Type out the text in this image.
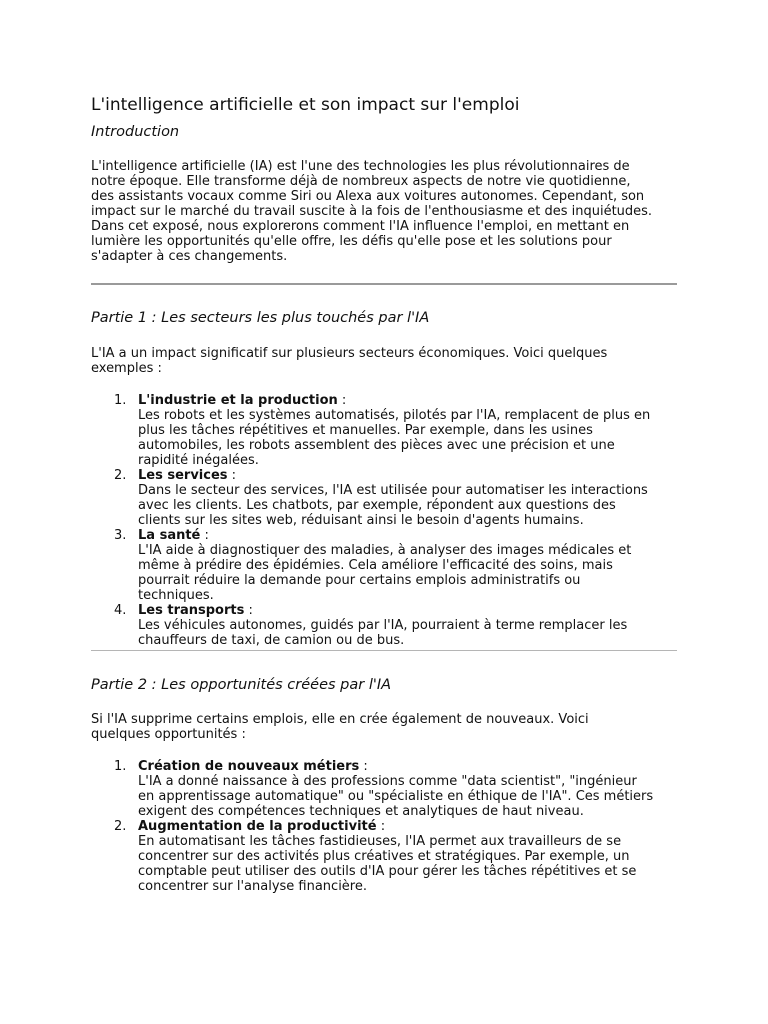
L'intelligence artificielle et son impact sur l'emploi
Introduction

L'intelligence artificielle (IA) est l'une des technologies les plus révolutionnaires de
notre époque. Elle transforme déjà de nombreux aspects de notre vie quotidienne,
des assistants vocaux comme Siri ou Alexa aux voitures autonomes. Cependant, son
impact sur le marché du travail suscite à la fois de l'enthousiasme et des inquiétudes.
Dans cet exposé, nous explorerons comment l'IA influence l'emploi, en mettant en
lumière les opportunités qu'elle offre, les défis qu'elle pose et les solutions pour
s'adapter à ces changements.

Partie 1 : Les secteurs les plus touchés par l'IA

L'IA a un impact significatif sur plusieurs secteurs économiques. Voici quelques
exemples :

1. L'industrie et la production :
Les robots et les systèmes automatisés, pilotés par l'IA, remplacent de plus en
plus les tâches répétitives et manuelles. Par exemple, dans les usines
automobiles, les robots assemblent des pièces avec une précision et une
rapidité inégalées.
2. Les services :
Dans le secteur des services, l'IA est utilisée pour automatiser les interactions
avec les clients. Les chatbots, par exemple, répondent aux questions des
clients sur les sites web, réduisant ainsi le besoin d'agents humains.
3. La santé :
L'IA aide à diagnostiquer des maladies, à analyser des images médicales et
même à prédire des épidémies. Cela améliore l'efficacité des soins, mais
pourrait réduire la demande pour certains emplois administratifs ou
techniques.
4. Les transports :
Les véhicules autonomes, guidés par l'IA, pourraient à terme remplacer les
chauffeurs de taxi, de camion ou de bus.
Partie 2 : Les opportunités créées par l'IA

Si l'IA supprime certains emplois, elle en crée également de nouveaux. Voici
quelques opportunités :

1. Création de nouveaux métiers :
L'IA a donné naissance à des professions comme "data scientist", "ingénieur
en apprentissage automatique" ou "spécialiste en éthique de l'IA". Ces métiers
exigent des compétences techniques et analytiques de haut niveau.
2. Augmentation de la productivité :
En automatisant les tâches fastidieuses, l'IA permet aux travailleurs de se
concentrer sur des activités plus créatives et stratégiques. Par exemple, un
comptable peut utiliser des outils d'IA pour gérer les tâches répétitives et se
concentrer sur l'analyse financière.
